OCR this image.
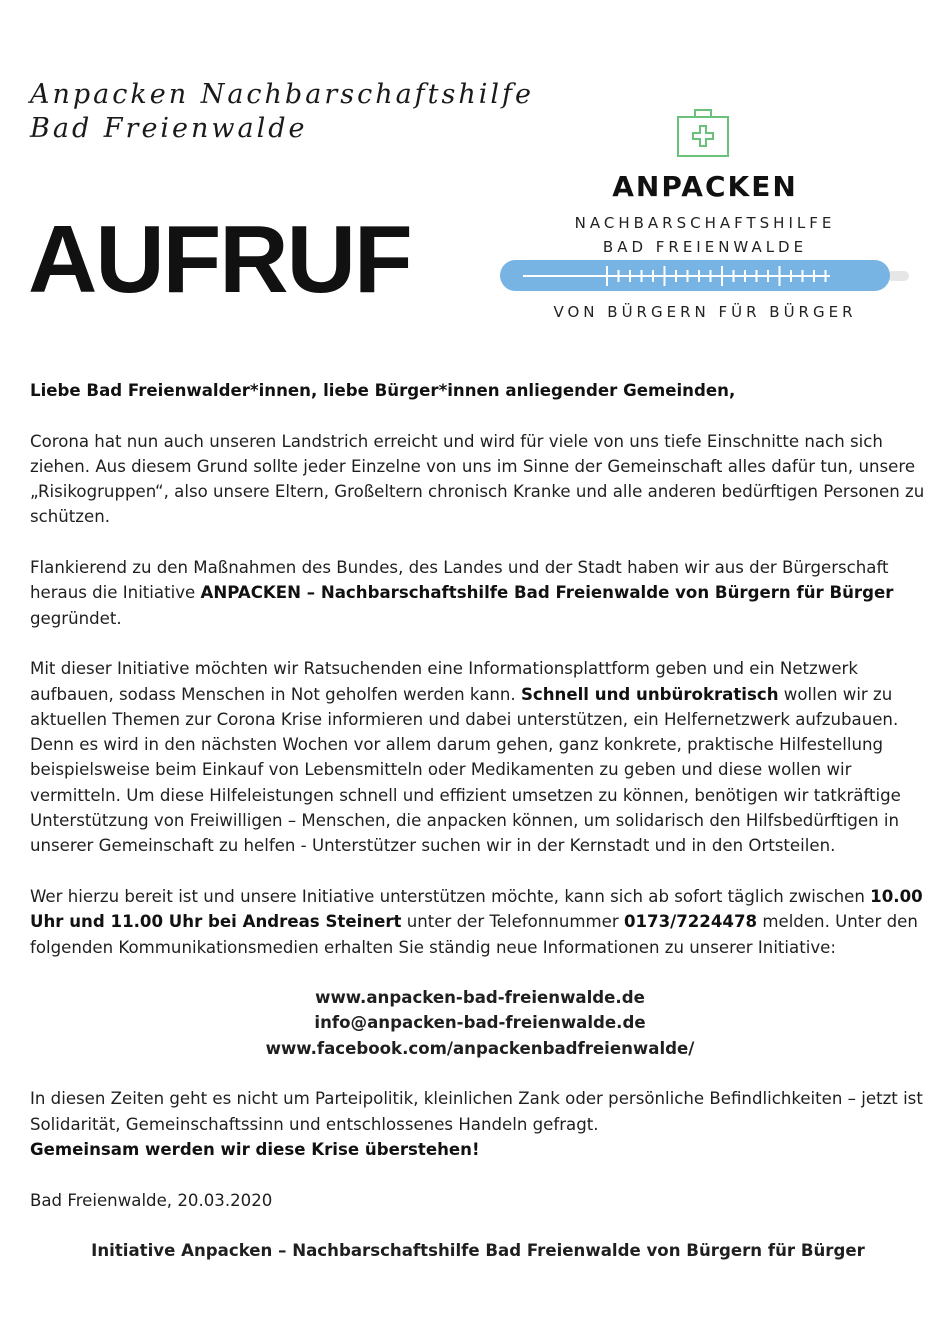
Anpacken Nachbarschaftshilfe
Bad Freienwalde
AUFRUF
ANPACKEN
NACHBARSCHAFTSHILFE
BAD FREIENWALDE
VON BÜRGERN FÜR BÜRGER

Liebe Bad Freienwalder*innen, liebe Bürger*innen anliegender Gemeinden,

Corona hat nun auch unseren Landstrich erreicht und wird für viele von uns tiefe Einschnitte nach sich ziehen. Aus diesem Grund sollte jeder Einzelne von uns im Sinne der Gemeinschaft alles dafür tun, unsere „Risikogruppen“, also unsere Eltern, Großeltern chronisch Kranke und alle anderen bedürftigen Personen zu schützen.

Flankierend zu den Maßnahmen des Bundes, des Landes und der Stadt haben wir aus der Bürgerschaft heraus die Initiative ANPACKEN – Nachbarschaftshilfe Bad Freienwalde von Bürgern für Bürger gegründet.

Mit dieser Initiative möchten wir Ratsuchenden eine Informationsplattform geben und ein Netzwerk aufbauen, sodass Menschen in Not geholfen werden kann. Schnell und unbürokratisch wollen wir zu aktuellen Themen zur Corona Krise informieren und dabei unterstützen, ein Helfernetzwerk aufzubauen. Denn es wird in den nächsten Wochen vor allem darum gehen, ganz konkrete, praktische Hilfestellung beispielsweise beim Einkauf von Lebensmitteln oder Medikamenten zu geben und diese wollen wir vermitteln. Um diese Hilfeleistungen schnell und effizient umsetzen zu können, benötigen wir tatkräftige Unterstützung von Freiwilligen – Menschen, die anpacken können, um solidarisch den Hilfsbedürftigen in unserer Gemeinschaft zu helfen - Unterstützer suchen wir in der Kernstadt und in den Ortsteilen.

Wer hierzu bereit ist und unsere Initiative unterstützen möchte, kann sich ab sofort täglich zwischen 10.00 Uhr und 11.00 Uhr bei Andreas Steinert unter der Telefonnummer 0173/7224478 melden. Unter den folgenden Kommunikationsmedien erhalten Sie ständig neue Informationen zu unserer Initiative:

www.anpacken-bad-freienwalde.de
info@anpacken-bad-freienwalde.de
www.facebook.com/anpackenbadfreienwalde/

In diesen Zeiten geht es nicht um Parteipolitik, kleinlichen Zank oder persönliche Befindlichkeiten – jetzt ist Solidarität, Gemeinschaftssinn und entschlossenes Handeln gefragt.
Gemeinsam werden wir diese Krise überstehen!

Bad Freienwalde, 20.03.2020

Initiative Anpacken – Nachbarschaftshilfe Bad Freienwalde von Bürgern für Bürger
